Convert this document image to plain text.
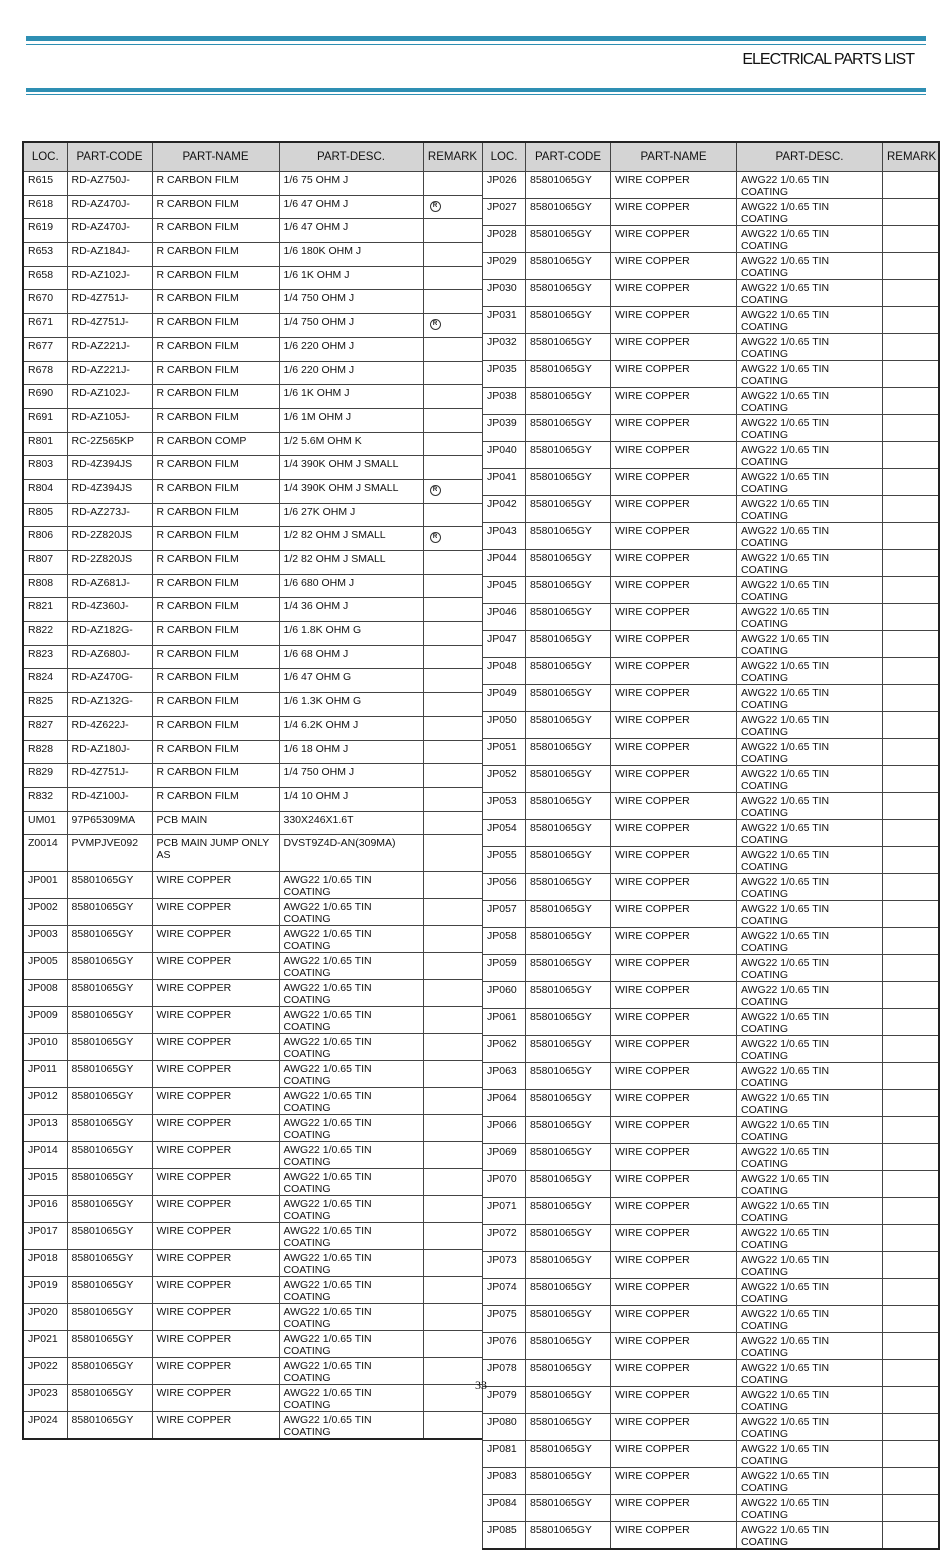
ELECTRICAL PARTS LIST
LOC.	PART-CODE	PART-NAME	PART-DESC.	REMARK
R615	RD-AZ750J-	R CARBON FILM	1/6 75 OHM J	
R618	RD-AZ470J-	R CARBON FILM	1/6 47 OHM J	R
R619	RD-AZ470J-	R CARBON FILM	1/6 47 OHM J	
R653	RD-AZ184J-	R CARBON FILM	1/6 180K OHM J	
R658	RD-AZ102J-	R CARBON FILM	1/6 1K OHM J	
R670	RD-4Z751J-	R CARBON FILM	1/4 750 OHM J	
R671	RD-4Z751J-	R CARBON FILM	1/4 750 OHM J	R
R677	RD-AZ221J-	R CARBON FILM	1/6 220 OHM J	
R678	RD-AZ221J-	R CARBON FILM	1/6 220 OHM J	
R690	RD-AZ102J-	R CARBON FILM	1/6 1K OHM J	
R691	RD-AZ105J-	R CARBON FILM	1/6 1M OHM J	
R801	RC-2Z565KP	R CARBON COMP	1/2 5.6M OHM K	
R803	RD-4Z394JS	R CARBON FILM	1/4 390K OHM J SMALL	
R804	RD-4Z394JS	R CARBON FILM	1/4 390K OHM J SMALL	R
R805	RD-AZ273J-	R CARBON FILM	1/6 27K OHM J	
R806	RD-2Z820JS	R CARBON FILM	1/2 82 OHM J SMALL	R
R807	RD-2Z820JS	R CARBON FILM	1/2 82 OHM J SMALL	
R808	RD-AZ681J-	R CARBON FILM	1/6 680 OHM J	
R821	RD-4Z360J-	R CARBON FILM	1/4 36 OHM J	
R822	RD-AZ182G-	R CARBON FILM	1/6 1.8K OHM G	
R823	RD-AZ680J-	R CARBON FILM	1/6 68 OHM J	
R824	RD-AZ470G-	R CARBON FILM	1/6 47 OHM G	
R825	RD-AZ132G-	R CARBON FILM	1/6 1.3K OHM G	
R827	RD-4Z622J-	R CARBON FILM	1/4 6.2K OHM J	
R828	RD-AZ180J-	R CARBON FILM	1/6 18 OHM J	
R829	RD-4Z751J-	R CARBON FILM	1/4 750 OHM J	
R832	RD-4Z100J-	R CARBON FILM	1/4 10 OHM J	
UM01	97P65309MA	PCB MAIN	330X246X1.6T	
Z0014	PVMPJVE092	PCB MAIN JUMP ONLY AS	DVST9Z4D-AN(309MA)	
JP001	85801065GY	WIRE COPPER	AWG22 1/0.65 TIN COATING	
JP002	85801065GY	WIRE COPPER	AWG22 1/0.65 TIN COATING	
JP003	85801065GY	WIRE COPPER	AWG22 1/0.65 TIN COATING	
JP005	85801065GY	WIRE COPPER	AWG22 1/0.65 TIN COATING	
JP008	85801065GY	WIRE COPPER	AWG22 1/0.65 TIN COATING	
JP009	85801065GY	WIRE COPPER	AWG22 1/0.65 TIN COATING	
JP010	85801065GY	WIRE COPPER	AWG22 1/0.65 TIN COATING	
JP011	85801065GY	WIRE COPPER	AWG22 1/0.65 TIN COATING	
JP012	85801065GY	WIRE COPPER	AWG22 1/0.65 TIN COATING	
JP013	85801065GY	WIRE COPPER	AWG22 1/0.65 TIN COATING	
JP014	85801065GY	WIRE COPPER	AWG22 1/0.65 TIN COATING	
JP015	85801065GY	WIRE COPPER	AWG22 1/0.65 TIN COATING	
JP016	85801065GY	WIRE COPPER	AWG22 1/0.65 TIN COATING	
JP017	85801065GY	WIRE COPPER	AWG22 1/0.65 TIN COATING	
JP018	85801065GY	WIRE COPPER	AWG22 1/0.65 TIN COATING	
JP019	85801065GY	WIRE COPPER	AWG22 1/0.65 TIN COATING	
JP020	85801065GY	WIRE COPPER	AWG22 1/0.65 TIN COATING	
JP021	85801065GY	WIRE COPPER	AWG22 1/0.65 TIN COATING	
JP022	85801065GY	WIRE COPPER	AWG22 1/0.65 TIN COATING	
JP023	85801065GY	WIRE COPPER	AWG22 1/0.65 TIN COATING	
JP024	85801065GY	WIRE COPPER	AWG22 1/0.65 TIN COATING	
LOC.	PART-CODE	PART-NAME	PART-DESC.	REMARK
JP026	85801065GY	WIRE COPPER	AWG22 1/0.65 TIN COATING	
JP027	85801065GY	WIRE COPPER	AWG22 1/0.65 TIN COATING	
JP028	85801065GY	WIRE COPPER	AWG22 1/0.65 TIN COATING	
JP029	85801065GY	WIRE COPPER	AWG22 1/0.65 TIN COATING	
JP030	85801065GY	WIRE COPPER	AWG22 1/0.65 TIN COATING	
JP031	85801065GY	WIRE COPPER	AWG22 1/0.65 TIN COATING	
JP032	85801065GY	WIRE COPPER	AWG22 1/0.65 TIN COATING	
JP035	85801065GY	WIRE COPPER	AWG22 1/0.65 TIN COATING	
JP038	85801065GY	WIRE COPPER	AWG22 1/0.65 TIN COATING	
JP039	85801065GY	WIRE COPPER	AWG22 1/0.65 TIN COATING	
JP040	85801065GY	WIRE COPPER	AWG22 1/0.65 TIN COATING	
JP041	85801065GY	WIRE COPPER	AWG22 1/0.65 TIN COATING	
JP042	85801065GY	WIRE COPPER	AWG22 1/0.65 TIN COATING	
JP043	85801065GY	WIRE COPPER	AWG22 1/0.65 TIN COATING	
JP044	85801065GY	WIRE COPPER	AWG22 1/0.65 TIN COATING	
JP045	85801065GY	WIRE COPPER	AWG22 1/0.65 TIN COATING	
JP046	85801065GY	WIRE COPPER	AWG22 1/0.65 TIN COATING	
JP047	85801065GY	WIRE COPPER	AWG22 1/0.65 TIN COATING	
JP048	85801065GY	WIRE COPPER	AWG22 1/0.65 TIN COATING	
JP049	85801065GY	WIRE COPPER	AWG22 1/0.65 TIN COATING	
JP050	85801065GY	WIRE COPPER	AWG22 1/0.65 TIN COATING	
JP051	85801065GY	WIRE COPPER	AWG22 1/0.65 TIN COATING	
JP052	85801065GY	WIRE COPPER	AWG22 1/0.65 TIN COATING	
JP053	85801065GY	WIRE COPPER	AWG22 1/0.65 TIN COATING	
JP054	85801065GY	WIRE COPPER	AWG22 1/0.65 TIN COATING	
JP055	85801065GY	WIRE COPPER	AWG22 1/0.65 TIN COATING	
JP056	85801065GY	WIRE COPPER	AWG22 1/0.65 TIN COATING	
JP057	85801065GY	WIRE COPPER	AWG22 1/0.65 TIN COATING	
JP058	85801065GY	WIRE COPPER	AWG22 1/0.65 TIN COATING	
JP059	85801065GY	WIRE COPPER	AWG22 1/0.65 TIN COATING	
JP060	85801065GY	WIRE COPPER	AWG22 1/0.65 TIN COATING	
JP061	85801065GY	WIRE COPPER	AWG22 1/0.65 TIN COATING	
JP062	85801065GY	WIRE COPPER	AWG22 1/0.65 TIN COATING	
JP063	85801065GY	WIRE COPPER	AWG22 1/0.65 TIN COATING	
JP064	85801065GY	WIRE COPPER	AWG22 1/0.65 TIN COATING	
JP066	85801065GY	WIRE COPPER	AWG22 1/0.65 TIN COATING	
JP069	85801065GY	WIRE COPPER	AWG22 1/0.65 TIN COATING	
JP070	85801065GY	WIRE COPPER	AWG22 1/0.65 TIN COATING	
JP071	85801065GY	WIRE COPPER	AWG22 1/0.65 TIN COATING	
JP072	85801065GY	WIRE COPPER	AWG22 1/0.65 TIN COATING	
JP073	85801065GY	WIRE COPPER	AWG22 1/0.65 TIN COATING	
JP074	85801065GY	WIRE COPPER	AWG22 1/0.65 TIN COATING	
JP075	85801065GY	WIRE COPPER	AWG22 1/0.65 TIN COATING	
JP076	85801065GY	WIRE COPPER	AWG22 1/0.65 TIN COATING	
JP078	85801065GY	WIRE COPPER	AWG22 1/0.65 TIN COATING	
JP079	85801065GY	WIRE COPPER	AWG22 1/0.65 TIN COATING	
JP080	85801065GY	WIRE COPPER	AWG22 1/0.65 TIN COATING	
JP081	85801065GY	WIRE COPPER	AWG22 1/0.65 TIN COATING	
JP083	85801065GY	WIRE COPPER	AWG22 1/0.65 TIN COATING	
JP084	85801065GY	WIRE COPPER	AWG22 1/0.65 TIN COATING	
JP085	85801065GY	WIRE COPPER	AWG22 1/0.65 TIN COATING	
33
